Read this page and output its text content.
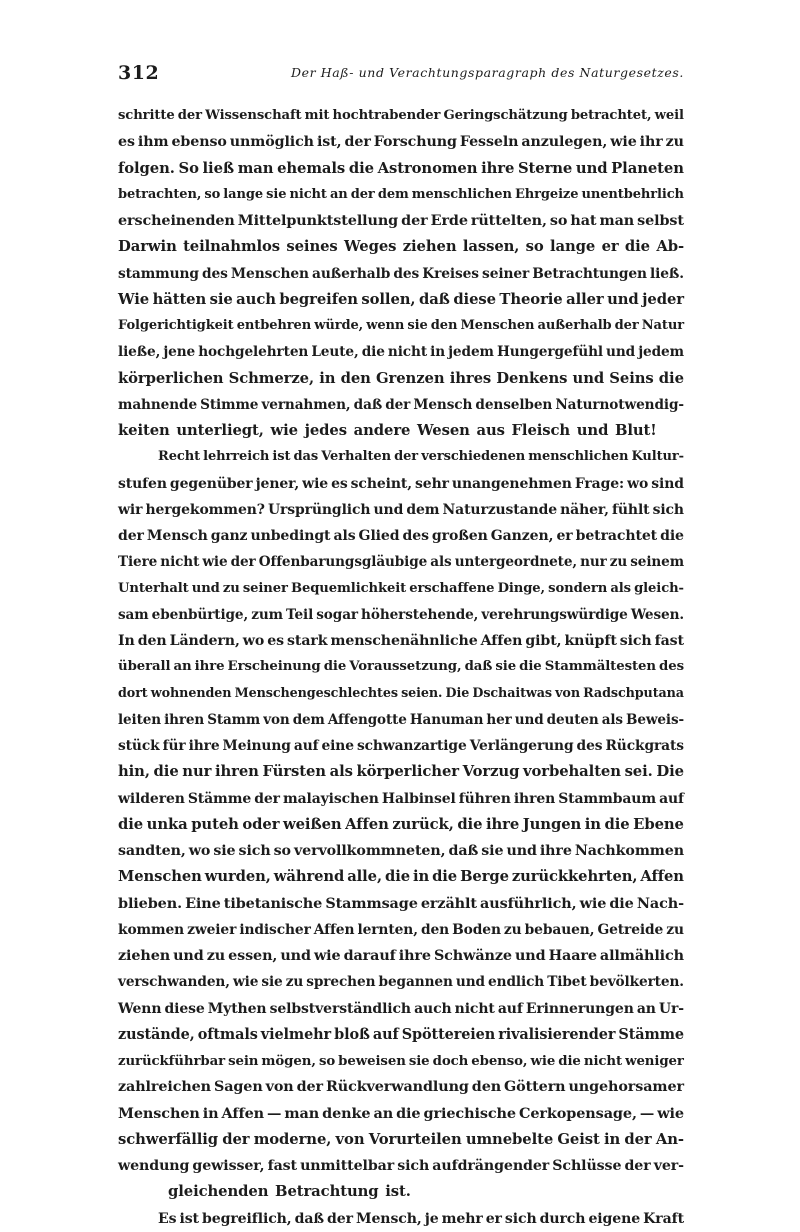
312	Der Haß- und Verachtungsparagraph des Naturgesetzes.
schritte der Wissenschaft mit hochtrabender Geringschätzung betrachtet, weil
es ihm ebenso unmöglich ist, der Forschung Fesseln anzulegen, wie ihr zu
folgen. So ließ man ehemals die Astronomen ihre Sterne und Planeten
betrachten, so lange sie nicht an der dem menschlichen Ehrgeize unentbehrlich
erscheinenden Mittelpunktstellung der Erde rüttelten, so hat man selbst
Darwin teilnahmlos seines Weges ziehen lassen, so lange er die Ab-
stammung des Menschen außerhalb des Kreises seiner Betrachtungen ließ.
Wie hätten sie auch begreifen sollen, daß diese Theorie aller und jeder
Folgerichtigkeit entbehren würde, wenn sie den Menschen außerhalb der Natur
ließe, jene hochgelehrten Leute, die nicht in jedem Hungergefühl und jedem
körperlichen Schmerze, in den Grenzen ihres Denkens und Seins die
mahnende Stimme vernahmen, daß der Mensch denselben Naturnotwendig-
keiten unterliegt, wie jedes andere Wesen aus Fleisch und Blut!
Recht lehrreich ist das Verhalten der verschiedenen menschlichen Kultur-
stufen gegenüber jener, wie es scheint, sehr unangenehmen Frage: wo sind
wir hergekommen? Ursprünglich und dem Naturzustande näher, fühlt sich
der Mensch ganz unbedingt als Glied des großen Ganzen, er betrachtet die
Tiere nicht wie der Offenbarungsgläubige als untergeordnete, nur zu seinem
Unterhalt und zu seiner Bequemlichkeit erschaffene Dinge, sondern als gleich-
sam ebenbürtige, zum Teil sogar höherstehende, verehrungswürdige Wesen.
In den Ländern, wo es stark menschenähnliche Affen gibt, knüpft sich fast
überall an ihre Erscheinung die Voraussetzung, daß sie die Stammältesten des
dort wohnenden Menschengeschlechtes seien. Die Dschaitwas von Radschputana
leiten ihren Stamm von dem Affengotte Hanuman her und deuten als Beweis-
stück für ihre Meinung auf eine schwanzartige Verlängerung des Rückgrats
hin, die nur ihren Fürsten als körperlicher Vorzug vorbehalten sei. Die
wilderen Stämme der malayischen Halbinsel führen ihren Stammbaum auf
die unka puteh oder weißen Affen zurück, die ihre Jungen in die Ebene
sandten, wo sie sich so vervollkommneten, daß sie und ihre Nachkommen
Menschen wurden, während alle, die in die Berge zurückkehrten, Affen
blieben. Eine tibetanische Stammsage erzählt ausführlich, wie die Nach-
kommen zweier indischer Affen lernten, den Boden zu bebauen, Getreide zu
ziehen und zu essen, und wie darauf ihre Schwänze und Haare allmählich
verschwanden, wie sie zu sprechen begannen und endlich Tibet bevölkerten.
Wenn diese Mythen selbstverständlich auch nicht auf Erinnerungen an Ur-
zustände, oftmals vielmehr bloß auf Spöttereien rivalisierender Stämme
zurückführbar sein mögen, so beweisen sie doch ebenso, wie die nicht weniger
zahlreichen Sagen von der Rückverwandlung den Göttern ungehorsamer
Menschen in Affen — man denke an die griechische Cerkopensage, — wie
schwerfällig der moderne, von Vorurteilen umnebelte Geist in der An-
wendung gewisser, fast unmittelbar sich aufdrängender Schlüsse der ver-
gleichenden Betrachtung ist.
Es ist begreiflich, daß der Mensch, je mehr er sich durch eigene Kraft
